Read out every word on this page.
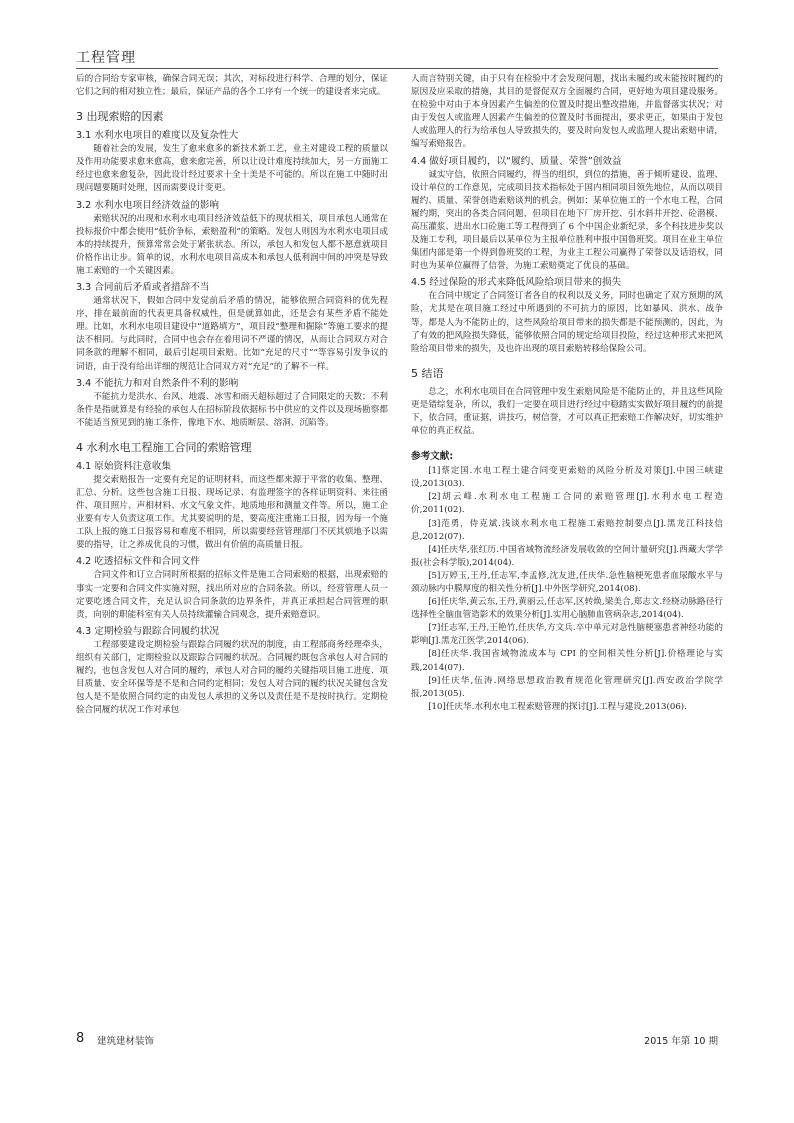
工程管理

后的合同给专家审核，确保合同无误；其次，对标段进行科学、合理的划分，保证它们之间的相对独立性；最后，保证产品的各个工序有一个统一的建设者来完成。

3 出现索赔的因素
3.1 水利水电项目的难度以及复杂性大

随着社会的发展，发生了愈来愈多的新技术新工艺，业主对建设工程的质量以及作用功能要求愈来愈高，愈来愈完善，所以让设计难度持续加大，另一方面施工经过也愈来愈复杂，因此设计经过要求十全十美是不可能的。所以在施工中随时出现问题要随时处理，因而需要设计变更。

3.2 水利水电项目经济效益的影响

索赔状况的出现和水利水电项目经济效益低下的现状相关，项目承包人通常在投标报价中都会使用“低价争标，索赔盈利”的策略。发包人则因为水利水电项目成本的持续提升，预算常常会处于紧张状态。所以，承包人和发包人都不愿意就项目价格作出让步。简单的说，水利水电项目高成本和承包人低利润中间的冲突是导致施工索赔的一个关键因素。

3.3 合同前后矛盾或者措辞不当

通常状况下，假如合同中发觉前后矛盾的情况，能够依照合同资料的优先程序，排在最前面的代表更具备权威性，但是就算如此，还是会有某些矛盾不能处理。比如，水利水电项目建设中“道路填方”，项目段“整理和掘除”等施工要求的提法不相同。与此同时，合同中也会存在着用词不严谨的情况，从而让合同双方对合同条款的理解不相同，最后引起项目索赔。比如“充足的尺寸”“等容易引发争议的词语，由于没有给出详细的规范让合同双方对“充足”的了解不一样。

3.4 不能抗力和对自然条件不利的影响

不能抗力是洪水、台风、地震、冰雪和雨天超标超过了合同限定的天数；不利条件是指就算是有经验的承包人在招标阶段依据标书中供应的文件以及现场勘察都不能适当预见到的施工条件，像地下水、地质断层、溶洞、沉陷等。

4 水利水电工程施工合同的索赔管理
4.1 原始资料注意收集

提交索赔报告一定要有充足的证明材料，而这些都来源于平常的收集、整理、汇总、分析。这些包含施工日报、现场记录、有监理签字的各样证明资料、来往函件、项目照片、声相材料、水文气象文件、地质地形和测量文件等。所以，施工企业要有专人负责这项工作。尤其要说明的是，要高度注重施工日报，因为每一个施工队上报的施工日报容易和难度不相同，所以需要经营管理部门不厌其烦地予以需要的指导，让之养成优良的习惯，做出有价值的高质量日报。

4.2 吃透招标文件和合同文件

合同文件和订立合同时所根据的招标文件是施工合同索赔的根据，出现索赔的事实一定要和合同文件实施对照，找出所对应的合同条款。所以，经营管理人员一定要吃透合同文件，充足认识合同条款的边界条件，并真正承担起合同管理的职责，向别的职能科室有关人员持续灌输合同观念，提升索赔意识。

4.3 定期检验与跟踪合同履约状况

工程部要建设定期检验与跟踪合同履约状况的制度，由工程部商务经理牵头，组织有关部门，定期检验以及跟踪合同履约状况。合同履约既包含承包人对合同的履约，也包含发包人对合同的履约，承包人对合同的履约关键指项目施工进度、项目质量、安全环保等是不是和合同约定相同；发包人对合同的履约状况关键包含发包人是不是依照合同约定的由发包人承担的义务以及责任是不是按时执行。定期检验合同履约状况工作对承包

人而言特别关键，由于只有在检验中才会发现问题，找出未履约或未能按时履约的原因及应采取的措施，其目的是督促双方全面履约合同，更好地为项目建设服务。在检验中对由于本身因素产生偏差的位置及时提出整改措施，并监督落实状况；对由于发包人或监理人因素产生偏差的位置及时书面提出，要求更正，如果由于发包人或监理人的行为给承包人导致损失的，要及时向发包人或监理人提出索赔申请，编写索赔报告。

4.4 做好项目履约，以“履约、质量、荣誉”创效益

诚实守信，依照合同履约，得当的组织，到位的措施，善于倾听建设、监理、设计单位的工作意见，完成项目技术指标处于国内相同项目领先地位，从而以项目履约、质量、荣誉创造索赔谈判的机会。例如：某单位施工的一个水电工程，合同履约期，突出的各类合同问题，但项目在地下厂房开挖、引水斜井开挖、砼潜模、高压灌浆、进出水口砼施工等工程得到了 6 个中国企业新纪录，多个科技进步奖以及施工专利，项目最后以某单位为主报单位胜利申报中国鲁班奖。项目在业主单位集团内部是第一个得到鲁班奖的工程，为业主工程公司赢得了荣誉以及话语权，同时也为某单位赢得了信誉，为施工索赔奠定了优良的基础。

4.5 经过保险的形式来降低风险给项目带来的损失

在合同中规定了合同签订者各自的权利以及义务，同时也确定了双方预期的风险，尤其是在项目施工经过中所遇到的不可抗力的原因，比如暴风、洪水、战争等，都是人为不能防止的，这些风险给项目带来的损失都是不能预测的，因此，为了有效的把风险损失降低，能够依照合同的规定给项目投险，经过这种形式来把风险给项目带来的损失，及也许出现的项目索赔转移给保险公司。

5 结语

总之，水利水电项目在合同管理中发生索赔风险是不能防止的，并且这些风险更是错综复杂，所以，我们一定要在项目进行经过中稳踏实实做好项目履约的前提下，依合同，重证据，讲技巧，树信誉，才可以真正把索赔工作解决好，切实维护单位的真正权益。

参考文献:

[1]蔡定国.水电工程土建合同变更索赔的风险分析及对策[J].中国三峡建设,2013(03).

[2]胡云峰.水利水电工程施工合同的索赔管理[J].水利水电工程造价,2011(02).

[3]范勇，侍克斌.浅谈水利水电工程施工索赔控制要点[J].黑龙江科技信息,2012(07).

[4]任庆华,张红历.中国省域物流经济发展收敛的空间计量研究[J].西藏大学学报(社会科学版),2014(04).

[5]万婷玉,王丹,任志军,李孟修,沈友进,任庆华.急性脑梗死患者血尿酸水平与颈动脉内中膜厚度的相关性分析[J].中外医学研究,2014(08).

[6]任庆华,黄云东,王丹,黄丽云,任志军,区转焕,梁美合,郑志文.经桡动脉路径行选择性全脑血管造影术的效果分析[J].实用心脑肺血管病杂志,2014(04).

[7]任志军,王丹,王艳竹,任庆华,方文兵.卒中单元对急性脑梗塞患者神经功能的影响[J].黑龙江医学,2014(06).

[8]任庆华.我国省域物流成本与 CPI 的空间相关性分析[J].价格理论与实践,2014(07).

[9]任庆华,伍涛.网络思想政治教育规范化管理研究[J].西安政治学院学报,2013(05).

[10]任庆华.水利水电工程索赔管理的探讨[J].工程与建设,2013(06).

8 建筑建材装饰	2015 年第 10 期
